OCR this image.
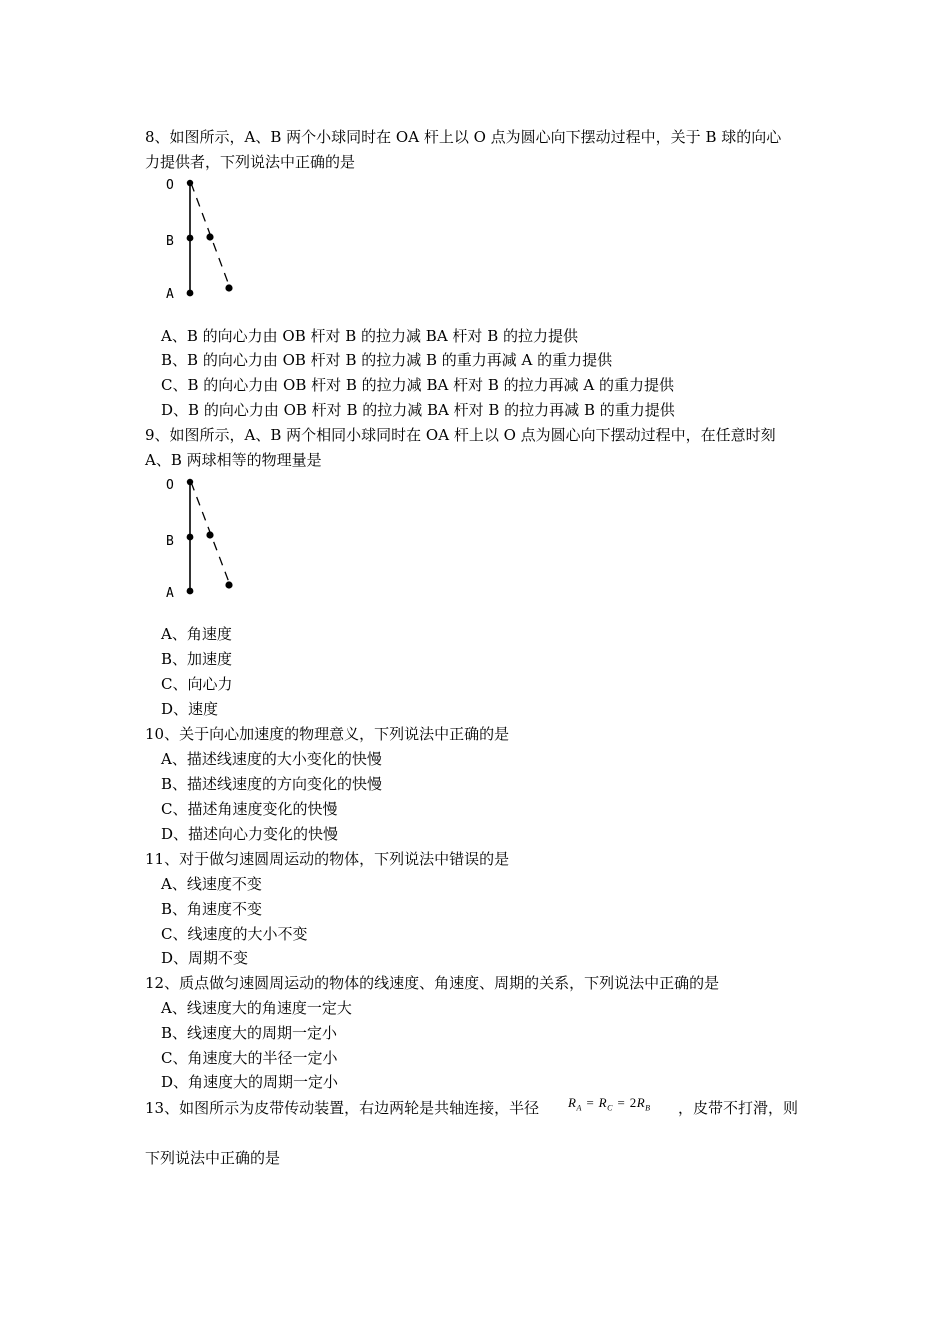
8、如图所示，A、B 两个小球同时在 OA 杆上以 O 点为圆心向下摆动过程中，关于 B 球的向心
力提供者，下列说法中正确的是
O
B
A
A、B 的向心力由 OB 杆对 B 的拉力减 BA 杆对 B 的拉力提供
B、B 的向心力由 OB 杆对 B 的拉力减 B 的重力再减 A 的重力提供
C、B 的向心力由 OB 杆对 B 的拉力减 BA 杆对 B 的拉力再减 A 的重力提供
D、B 的向心力由 OB 杆对 B 的拉力减 BA 杆对 B 的拉力再减 B 的重力提供
9、如图所示，A、B 两个相同小球同时在 OA 杆上以 O 点为圆心向下摆动过程中，在任意时刻
A、B 两球相等的物理量是
O
B
A
A、角速度
B、加速度
C、向心力
D、速度
10、关于向心加速度的物理意义，下列说法中正确的是
A、描述线速度的大小变化的快慢
B、描述线速度的方向变化的快慢
C、描述角速度变化的快慢
D、描述向心力变化的快慢
11、对于做匀速圆周运动的物体，下列说法中错误的是
A、线速度不变
B、角速度不变
C、线速度的大小不变
D、周期不变
12、质点做匀速圆周运动的物体的线速度、角速度、周期的关系，下列说法中正确的是
A、线速度大的角速度一定大
B、线速度大的周期一定小
C、角速度大的半径一定小
D、角速度大的周期一定小
13、如图所示为皮带传动装置，右边两轮是共轴连接，半径 $R_A = R_C = 2R_B$ ，皮带不打滑，则
下列说法中正确的是
